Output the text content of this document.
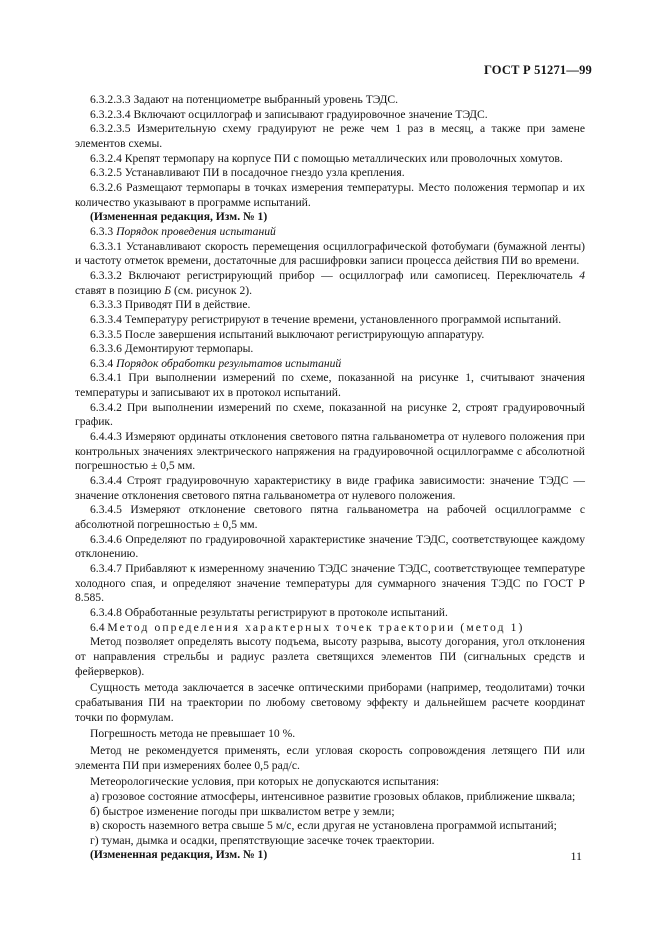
ГОСТ Р 51271—99

6.3.2.3.3 Задают на потенциометре выбранный уровень ТЭДС.

6.3.2.3.4 Включают осциллограф и записывают градуировочное значение ТЭДС.

6.3.2.3.5 Измерительную схему градуируют не реже чем 1 раз в месяц, а также при замене элементов схемы.

6.3.2.4 Крепят термопару на корпусе ПИ с помощью металлических или проволочных хомутов.

6.3.2.5 Устанавливают ПИ в посадочное гнездо узла крепления.

6.3.2.6 Размещают термопары в точках измерения температуры. Место положения термопар и их количество указывают в программе испытаний.

(Измененная редакция, Изм. № 1)

6.3.3 Порядок проведения испытаний

6.3.3.1 Устанавливают скорость перемещения осциллографической фотобумаги (бумажной ленты) и частоту отметок времени, достаточные для расшифровки записи процесса действия ПИ во времени.

6.3.3.2 Включают регистрирующий прибор — осциллограф или самописец. Переключатель 4 ставят в позицию Б (см. рисунок 2).

6.3.3.3 Приводят ПИ в действие.

6.3.3.4 Температуру регистрируют в течение времени, установленного программой испытаний.

6.3.3.5 После завершения испытаний выключают регистрирующую аппаратуру.

6.3.3.6 Демонтируют термопары.

6.3.4 Порядок обработки результатов испытаний

6.3.4.1 При выполнении измерений по схеме, показанной на рисунке 1, считывают значения температуры и записывают их в протокол испытаний.

6.3.4.2 При выполнении измерений по схеме, показанной на рисунке 2, строят градуировочный график.

6.4.4.3 Измеряют ординаты отклонения светового пятна гальванометра от нулевого положения при контрольных значениях электрического напряжения на градуировочной осциллограмме с абсолютной погрешностью ± 0,5 мм.

6.3.4.4 Строят градуировочную характеристику в виде графика зависимости: значение ТЭДС — значение отклонения светового пятна гальванометра от нулевого положения.

6.3.4.5 Измеряют отклонение светового пятна гальванометра на рабочей осциллограмме с абсолютной погрешностью ± 0,5 мм.

6.3.4.6 Определяют по градуировочной характеристике значение ТЭДС, соответствующее каждому отклонению.

6.3.4.7 Прибавляют к измеренному значению ТЭДС значение ТЭДС, соответствующее температуре холодного спая, и определяют значение температуры для суммарного значения ТЭДС по ГОСТ Р 8.585.

6.3.4.8 Обработанные результаты регистрируют в протоколе испытаний.

6.4 Метод определения характерных точек траектории (метод 1)

Метод позволяет определять высоту подъема, высоту разрыва, высоту догорания, угол отклонения от направления стрельбы и радиус разлета светящихся элементов ПИ (сигнальных средств и фейерверков).

Сущность метода заключается в засечке оптическими приборами (например, теодолитами) точки срабатывания ПИ на траектории по любому световому эффекту и дальнейшем расчете координат точки по формулам.

Погрешность метода не превышает 10 %.

Метод не рекомендуется применять, если угловая скорость сопровождения летящего ПИ или элемента ПИ при измерениях более 0,5 рад/с.

Метеорологические условия, при которых не допускаются испытания:

а) грозовое состояние атмосферы, интенсивное развитие грозовых облаков, приближение шквала;

б) быстрое изменение погоды при шквалистом ветре у земли;

в) скорость наземного ветра свыше 5 м/с, если другая не установлена программой испытаний;

г) туман, дымка и осадки, препятствующие засечке точек траектории.

(Измененная редакция, Изм. № 1)	11
